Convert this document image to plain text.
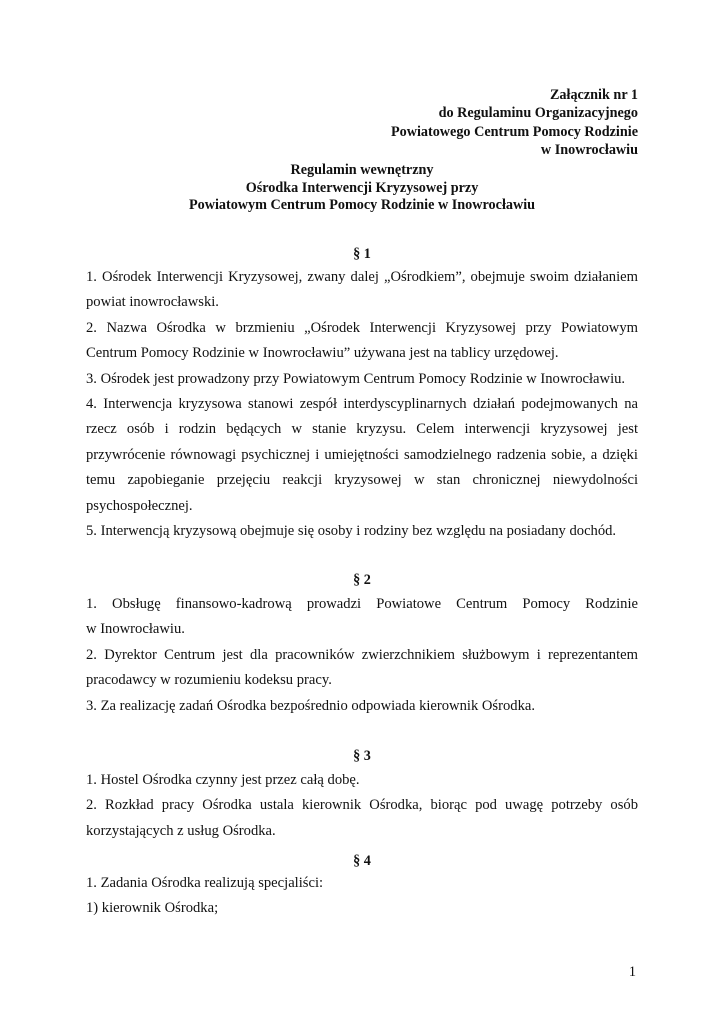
Załącznik nr 1
do Regulaminu Organizacyjnego
Powiatowego Centrum Pomocy Rodzinie
w Inowrocławiu
Regulamin wewnętrzny
Ośrodka Interwencji Kryzysowej przy
Powiatowym Centrum Pomocy Rodzinie w Inowrocławiu
§ 1

1. Ośrodek Interwencji Kryzysowej, zwany dalej „Ośrodkiem”, obejmuje swoim działaniem
powiat inowrocławski.

2. Nazwa Ośrodka w brzmieniu „Ośrodek Interwencji Kryzysowej przy Powiatowym
Centrum Pomocy Rodzinie w Inowrocławiu” używana jest na tablicy urzędowej.

3. Ośrodek jest prowadzony przy Powiatowym Centrum Pomocy Rodzinie w Inowrocławiu.

4. Interwencja kryzysowa stanowi zespół interdyscyplinarnych działań podejmowanych na
rzecz osób i rodzin będących w stanie kryzysu. Celem interwencji kryzysowej jest
przywrócenie równowagi psychicznej i umiejętności samodzielnego radzenia sobie, a dzięki
temu zapobieganie przejęciu reakcji kryzysowej w stan chronicznej niewydolności
psychospołecznej.

5. Interwencją kryzysową obejmuje się osoby i rodziny bez względu na posiadany dochód.

§ 2

1. Obsługę finansowo-kadrową prowadzi Powiatowe Centrum Pomocy Rodzinie
w Inowrocławiu.

2. Dyrektor Centrum jest dla pracowników zwierzchnikiem służbowym i reprezentantem
pracodawcy w rozumieniu kodeksu pracy.

3. Za realizację zadań Ośrodka bezpośrednio odpowiada kierownik Ośrodka.

§ 3

1. Hostel Ośrodka czynny jest przez całą dobę.

2. Rozkład pracy Ośrodka ustala kierownik Ośrodka, biorąc pod uwagę potrzeby osób
korzystających z usług Ośrodka.

§ 4

1. Zadania Ośrodka realizują specjaliści:

1) kierownik Ośrodka;

1
